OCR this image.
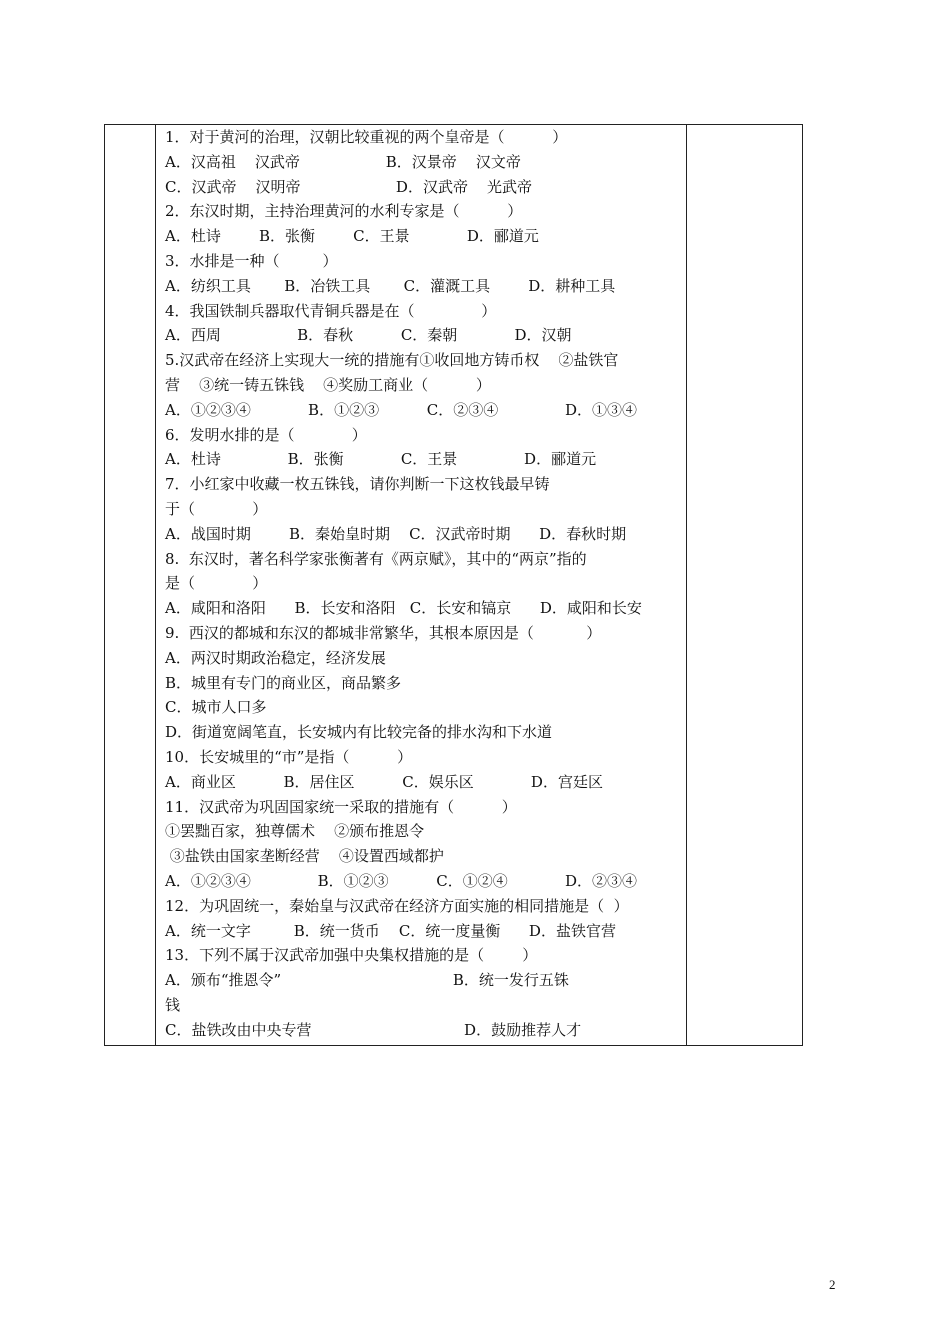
1．对于黄河的治理，汉朝比较重视的两个皇帝是（          ）
A．汉高祖    汉武帝                  B．汉景帝    汉文帝
C．汉武帝    汉明帝                    D．汉武帝    光武帝
2．东汉时期，主持治理黄河的水利专家是（          ）
A．杜诗        B．张衡        C．王景            D．郦道元
3．水排是一种（         ）
A．纺织工具       B．冶铁工具       C．灌溉工具        D．耕种工具
4．我国铁制兵器取代青铜兵器是在（              ）
A．西周                B．春秋          C．秦朝            D．汉朝
5.汉武帝在经济上实现大一统的措施有①收回地方铸币权    ②盐铁官
营    ③统一铸五铢钱    ④奖励工商业（          ）
A．①②③④            B．①②③          C．②③④              D．①③④
6．发明水排的是（            ）
A．杜诗              B．张衡            C．王景              D．郦道元
7．小红家中收藏一枚五铢钱，请你判断一下这枚钱最早铸
于（            ）
A．战国时期        B．秦始皇时期    C．汉武帝时期      D．春秋时期
8.  东汉时，著名科学家张衡著有《两京赋》，其中的“两京”指的
是（            ）
A．咸阳和洛阳      B．长安和洛阳   C．长安和镐京      D．咸阳和长安
9.  西汉的都城和东汉的都城非常繁华，其根本原因是（           ）
A．两汉时期政治稳定，经济发展
B．城里有专门的商业区，商品繁多
C．城市人口多
D．街道宽阔笔直，长安城内有比较完备的排水沟和下水道
10．长安城里的“市”是指（          ）
A．商业区          B．居住区          C．娱乐区            D．宫廷区
11．汉武帝为巩固国家统一采取的措施有（          ）
①罢黜百家，独尊儒术    ②颁布推恩令
③盐铁由国家垄断经营    ④设置西域都护
A．①②③④              B．①②③          C．①②④            D．②③④
12．为巩固统一，秦始皇与汉武帝在经济方面实施的相同措施是（  ）
A．统一文字         B．统一货币    C．统一度量衡      D．盐铁官营
13．下列不属于汉武帝加强中央集权措施的是（        ）
A．颁布“推恩令”                                    B．统一发行五铢
钱
C．盐铁改由中央专营                                D．鼓励推荐人才
2
